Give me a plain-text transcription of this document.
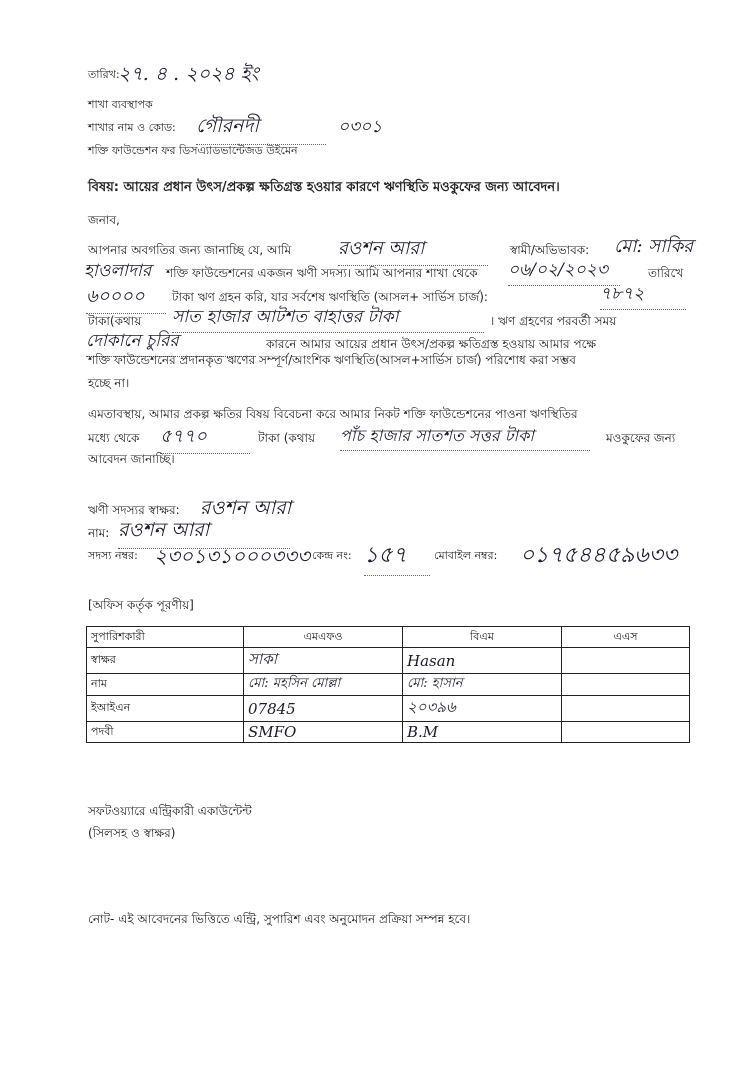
তারিখ:
২৭. ৪ . ২০২৪ ইং
শাখা ব্যবস্থাপক
শাখার নাম ও কোড: গৌরনদী	০৩০১
শক্তি ফাউন্ডেশন ফর ডিসএ্যাডভান্টেজড উইমেন
বিষয়: আয়ের প্রধান উৎস/প্রকল্প ক্ষতিগ্রস্ত হওয়ার কারণে ঋণস্থিতি মওকুফের জন্য আবেদন।
জনাব,
আপনার অবগতির জন্য জানাচ্ছি যে, আমি	রওশন আরা	স্বামী/অভিভাবক: মো: সাকির
হাওলাদার শক্তি ফাউন্ডেশনের একজন ঋণী সদস্য। আমি আপনার শাখা থেকে ০৬/০২/২০২৩	তারিখে
৬০০০০	টাকা ঋণ গ্রহন করি, যার সর্বশেষ ঋণস্থিতি (আসল+ সার্ভিস চার্জ):	৭৮৭২
টাকা(কথায় সাত হাজার আটশত বাহাত্তর টাকা	। ঋণ গ্রহণের পরবর্তী সময়
দোকানে চুরির	কারনে আমার আয়ের প্রধান উৎস/প্রকল্প ক্ষতিগ্রস্ত হওয়ায় আমার পক্ষে
শক্তি ফাউন্ডেশনের প্রদানকৃত ঋণের সম্পূর্ণ/আংশিক ঋণস্থিতি(আসল+সার্ভিস চার্জ) পরিশোধ করা সম্ভব
হচ্ছে না।
এমতাবস্থায়, আমার প্রকল্প ক্ষতির বিষয় বিবেচনা করে আমার নিকট শক্তি ফাউন্ডেশনের পাওনা ঋণস্থিতির
মধ্যে থেকে ৫৭৭০	টাকা (কথায় পাঁচ হাজার সাতশত সত্তর টাকা	মওকুফের জন্য
আবেদন জানাচ্ছি।
ঋণী সদস্যর স্বাক্ষর: রওশন আরা
নাম: রওশন আরা
সদস্য নম্বর: ২৩০১৩১০০০৩৩৩ কেন্দ্র নং: ১৫৭	মোবাইল নম্বর: ০১৭৫৪৪৫৯৬৩৩
[অফিস কর্তৃক পূরণীয়]
সুপারিশকারী	এমএফও	বিএম	এএস
স্বাক্ষর	সাকা	Hasan	
নাম	মো: মহসিন মোল্লা	মো: হাসান	
ইআইএন	07845	২০৩৯৬	
পদবী	SMFO	B.M	
সফটওয়্যারে এন্ট্রিকারী একাউন্টেন্ট
(সিলসহ ও স্বাক্ষর)
নোট- এই আবেদনের ভিত্তিতে এন্ট্রি, সুপারিশ এবং অনুমোদন প্রক্রিয়া সম্পন্ন হবে।
